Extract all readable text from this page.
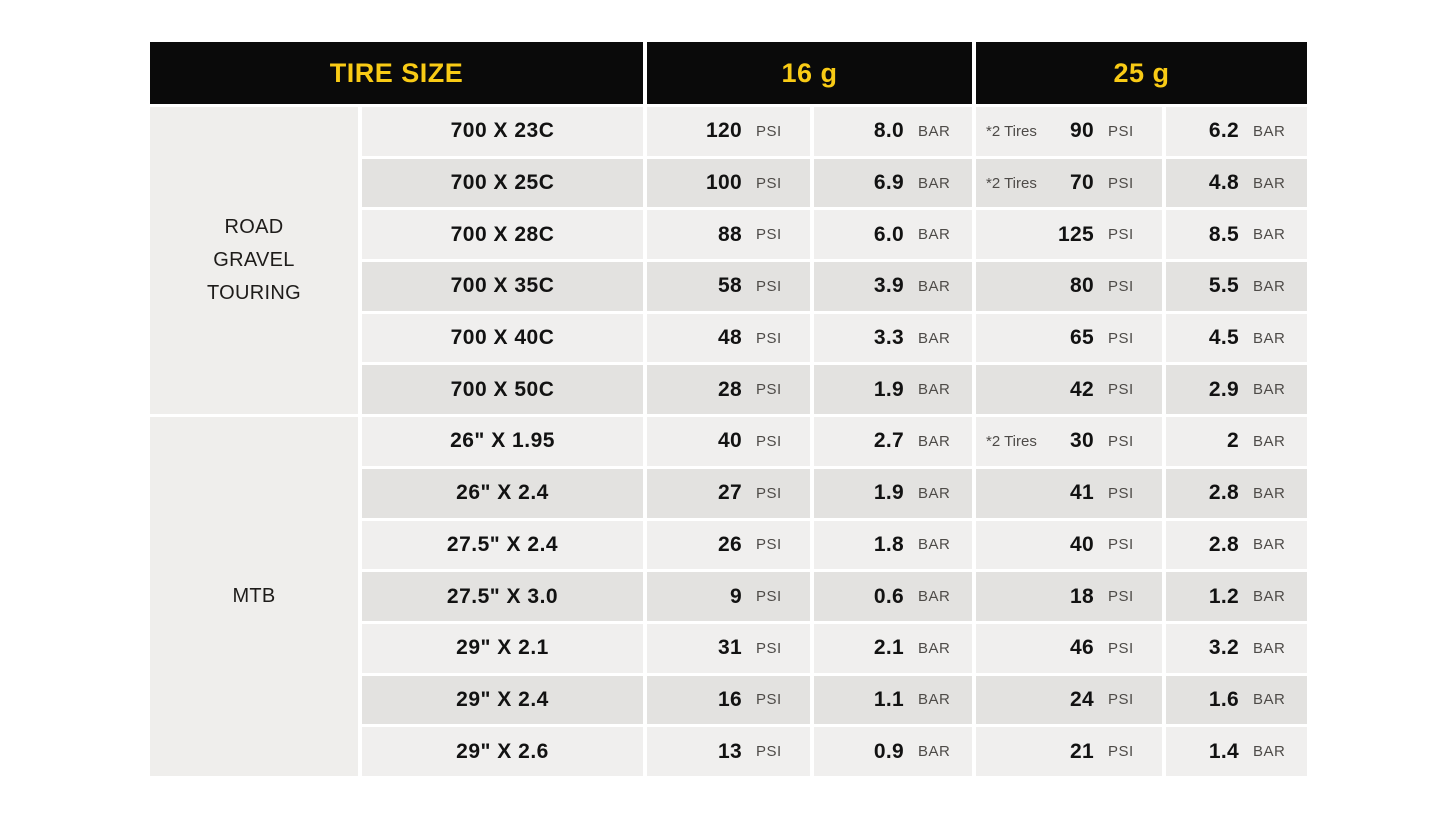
TIRE SIZE	16 g	25 g
ROAD
GRAVEL
TOURING
700 X 23C	120 PSI	8.0 BAR	*2 Tires	90 PSI	6.2 BAR
700 X 25C	100 PSI	6.9 BAR	*2 Tires	70 PSI	4.8 BAR
700 X 28C	88 PSI	6.0 BAR	125 PSI	8.5 BAR
700 X 35C	58 PSI	3.9 BAR	80 PSI	5.5 BAR
700 X 40C	48 PSI	3.3 BAR	65 PSI	4.5 BAR
700 X 50C	28 PSI	1.9 BAR	42 PSI	2.9 BAR
MTB
26" X 1.95	40 PSI	2.7 BAR	*2 Tires	30 PSI	2 BAR
26" X 2.4	27 PSI	1.9 BAR	41 PSI	2.8 BAR
27.5" X 2.4	26 PSI	1.8 BAR	40 PSI	2.8 BAR
27.5" X 3.0	9 PSI	0.6 BAR	18 PSI	1.2 BAR
29" X 2.1	31 PSI	2.1 BAR	46 PSI	3.2 BAR
29" X 2.4	16 PSI	1.1 BAR	24 PSI	1.6 BAR
29" X 2.6	13 PSI	0.9 BAR	21 PSI	1.4 BAR
